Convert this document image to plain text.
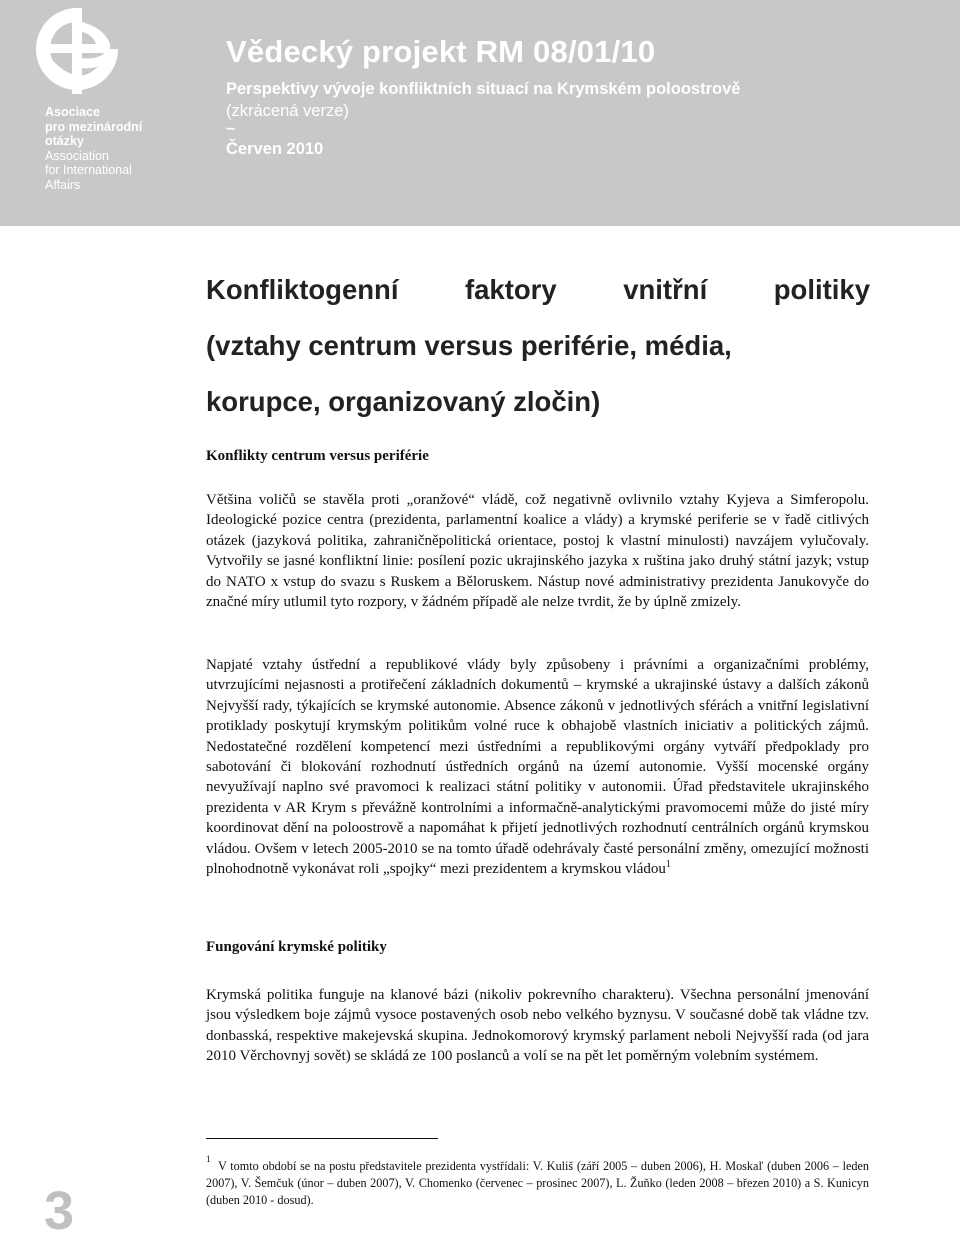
Asociace
pro mezinárodní
otázky
Association
for International
Affairs
Vědecký projekt RM 08/01/10
Perspektivy vývoje konfliktních situací na Krymském poloostrově
(zkrácená verze)
–
Červen 2010
Konfliktogenní faktory vnitřní politiky
(vztahy centrum versus periférie, média,
korupce, organizovaný zločin)
Konflikty centrum versus periférie

Většina voličů se stavěla proti „oranžové“ vládě, což negativně ovlivnilo vztahy Kyjeva a Simferopolu. Ideologické pozice centra (prezidenta, parlamentní koalice a vlády) a krymské periferie se v řadě citlivých otázek (jazyková politika, zahraničněpolitická orientace, postoj k vlastní minulosti) navzájem vylučovaly. Vytvořily se jasné konfliktní linie: posílení pozic ukrajinského jazyka x ruština jako druhý státní jazyk; vstup do NATO x vstup do svazu s Ruskem a Běloruskem. Nástup nové administrativy prezidenta Janukovyče do značné míry utlumil tyto rozpory, v žádném případě ale nelze tvrdit, že by úplně zmizely.

Napjaté vztahy ústřední a republikové vlády byly způsobeny i právními a organizačními problémy, utvrzujícími nejasnosti a protiřečení základních dokumentů – krymské a ukrajinské ústavy a dalších zákonů Nejvyšší rady, týkajících se krymské autonomie. Absence zákonů v jednotlivých sférách a vnitřní legislativní protiklady poskytují krymským politikům volné ruce k obhajobě vlastních iniciativ a politických zájmů. Nedostatečné rozdělení kompetencí mezi ústředními a republikovými orgány vytváří předpoklady pro sabotování či blokování rozhodnutí ústředních orgánů na území autonomie. Vyšší mocenské orgány nevyužívají naplno své pravomoci k realizaci státní politiky v autonomii. Úřad představitele ukrajinského prezidenta v AR Krym s převážně kontrolními a informačně-analytickými pravomocemi může do jisté míry koordinovat dění na poloostrově a napomáhat k přijetí jednotlivých rozhodnutí centrálních orgánů krymskou vládou. Ovšem v letech 2005-2010 se na tomto úřadě odehrávaly časté personální změny, omezující možnosti plnohodnotně vykonávat roli „spojky“ mezi prezidentem a krymskou vládou$^1$

Fungování krymské politiky

Krymská politika funguje na klanové bázi (nikoliv pokrevního charakteru). Všechna personální jmenování jsou výsledkem boje zájmů vysoce postavených osob nebo velkého byznysu. V současné době tak vládne tzv. donbasská, respektive makejevská skupina. Jednokomorový krymský parlament neboli Nejvyšší rada (od jara 2010 Věrchovnyj sovět) se skládá ze 100 poslanců a volí se na pět let poměrným volebním systémem.

$^1$  V tomto období se na postu představitele prezidenta vystřídali: V. Kuliš (září 2005 – duben 2006), H. Moskaľ (duben 2006 – leden 2007), V. Šemčuk (únor – duben 2007), V. Chomenko (červenec – prosinec 2007), L. Žuňko (leden 2008 – březen 2010) a S. Kunicyn (duben 2010 - dosud).

3
